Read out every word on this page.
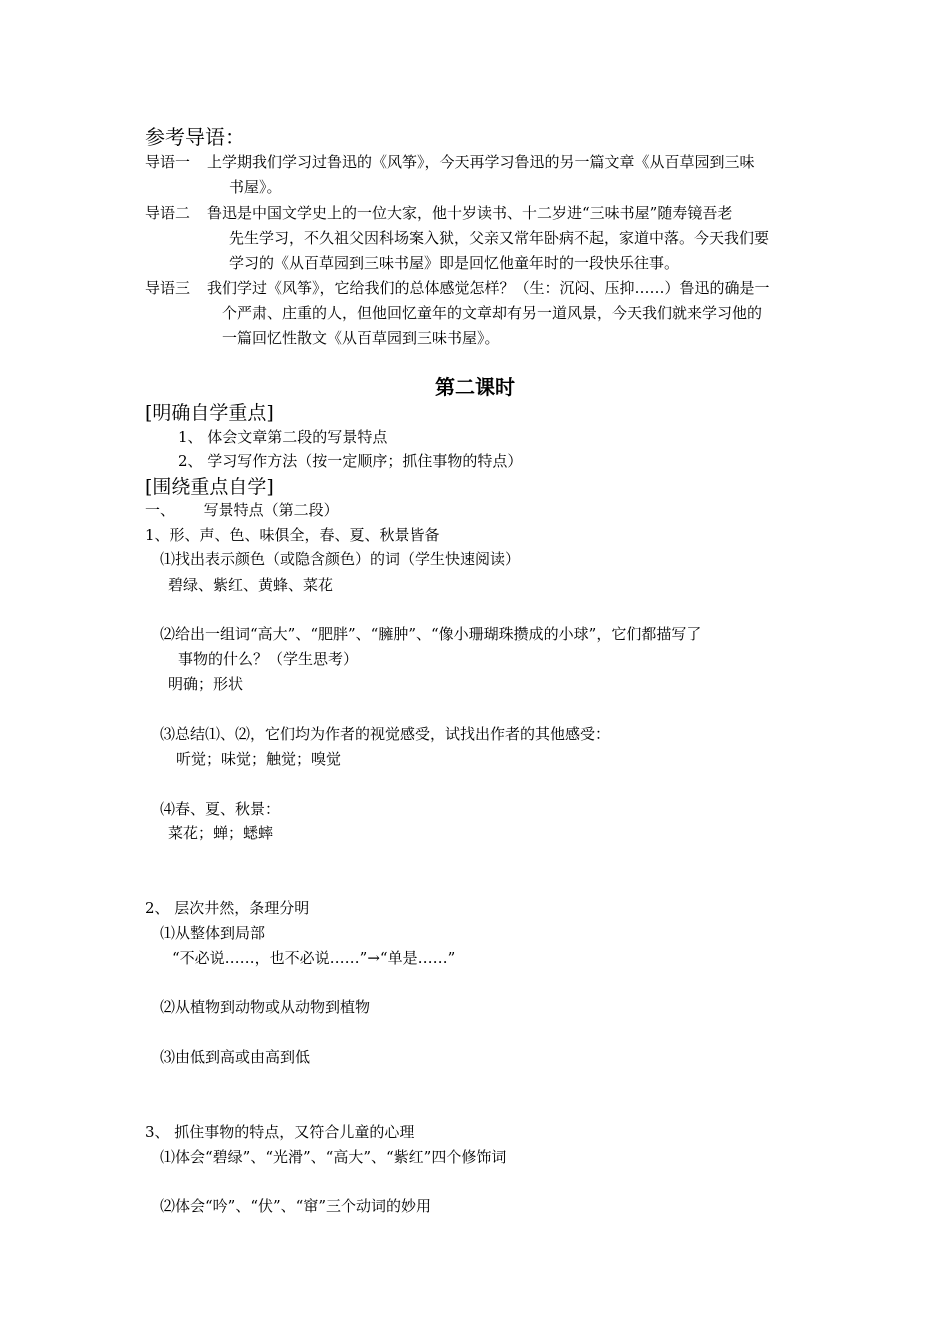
参考导语：
导语一 上学期我们学习过鲁迅的《风筝》，今天再学习鲁迅的另一篇文章《从百草园到三味
书屋》。
导语二 鲁迅是中国文学史上的一位大家，他十岁读书、十二岁进“三味书屋”随寿镜吾老
先生学习，不久祖父因科场案入狱，父亲又常年卧病不起，家道中落。今天我们要
学习的《从百草园到三味书屋》即是回忆他童年时的一段快乐往事。
导语三 我们学过《风筝》，它给我们的总体感觉怎样？（生：沉闷、压抑……）鲁迅的确是一
个严肃、庄重的人，但他回忆童年的文章却有另一道风景，今天我们就来学习他的
一篇回忆性散文《从百草园到三味书屋》。
第二课时
[明确自学重点]
1、 体会文章第二段的写景特点
2、 学习写作方法（按一定顺序；抓住事物的特点）
[围绕重点自学]
一、      写景特点（第二段）
1、形、声、色、味俱全，春、夏、秋景皆备
⑴找出表示颜色（或隐含颜色）的词（学生快速阅读）
碧绿、紫红、黄蜂、菜花
⑵给出一组词“高大”、“肥胖”、“臃肿”、“像小珊瑚珠攒成的小球”，它们都描写了
事物的什么？（学生思考）
明确；形状
⑶总结⑴、⑵，它们均为作者的视觉感受，试找出作者的其他感受：
听觉；味觉；触觉；嗅觉
⑷春、夏、秋景：
菜花；蝉；蟋蟀
2、 层次井然，条理分明
⑴从整体到局部
“不必说……，也不必说……”→“单是……”
⑵从植物到动物或从动物到植物
⑶由低到高或由高到低
3、 抓住事物的特点，又符合儿童的心理
⑴体会“碧绿”、“光滑”、“高大”、“紫红”四个修饰词
⑵体会“吟”、“伏”、“窜”三个动词的妙用
